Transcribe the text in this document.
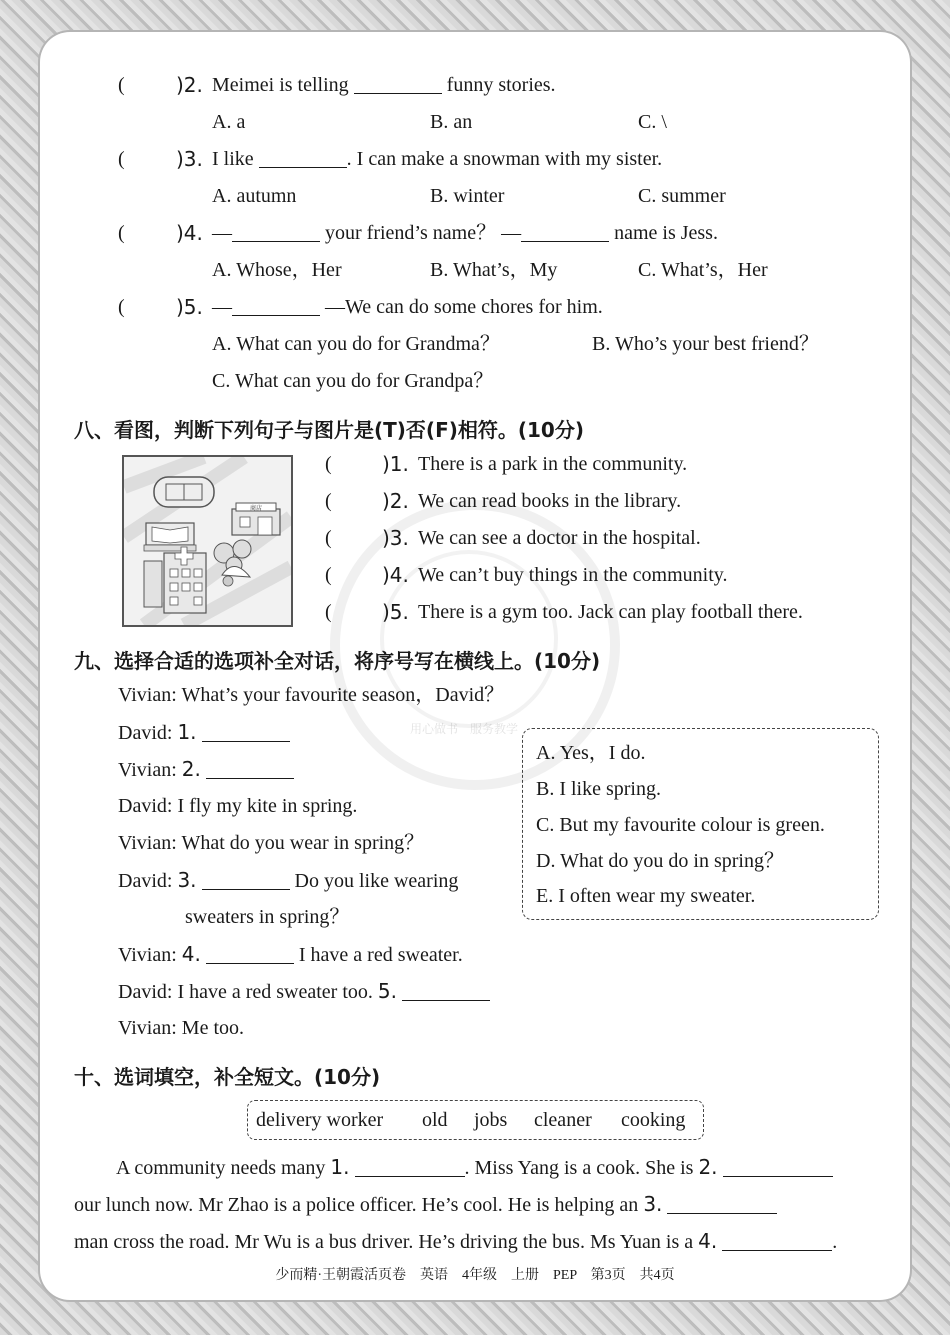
用心做书　服务教学
(	)2. Meimei is telling	funny stories.
A. a	B. an	C. \
(	)3. I like	. I can make a snowman with my sister.
A. autumn	B. winter	C. summer
(	)4. —	your friend’s name？ —	name is Jess.
A. Whose，Her	B. What’s，My	C. What’s，Her
(	)5. —	—We can do some chores for him.
A. What can you do for Grandma？	B. Who’s your best friend？
C. What can you do for Grandpa？
八、看图，判断下列句子与图片是(T)否(F)相符。(10分)
商店
(	)1. There is a park in the community.
(	)2. We can read books in the library.
(	)3. We can see a doctor in the hospital.
(	)4. We can’t buy things in the community.
(	)5. There is a gym too. Jack can play football there.
九、选择合适的选项补全对话，将序号写在横线上。(10分)
Vivian: What’s your favourite season，David？
David: 1.
Vivian: 2.
David: I fly my kite in spring.
Vivian: What do you wear in spring？
David: 3.	Do you like wearing
sweaters in spring？
Vivian: 4.	I have a red sweater.
David: I have a red sweater too. 5.
Vivian: Me too.
A. Yes，I do.
B. I like spring.
C. But my favourite colour is green.
D. What do you do in spring？
E. I often wear my sweater.
十、选词填空，补全短文。(10分)
delivery worker old jobs cleaner cooking
A community needs many 1.	. Miss Yang is a cook. She is 2.
our lunch now. Mr Zhao is a police officer. He’s cool. He is helping an 3.
man cross the road. Mr Wu is a bus driver. He’s driving the bus. Ms Yuan is a 4.	.
少而精·王朝霞活页卷　英语　4年级　上册　PEP　第3页　共4页
